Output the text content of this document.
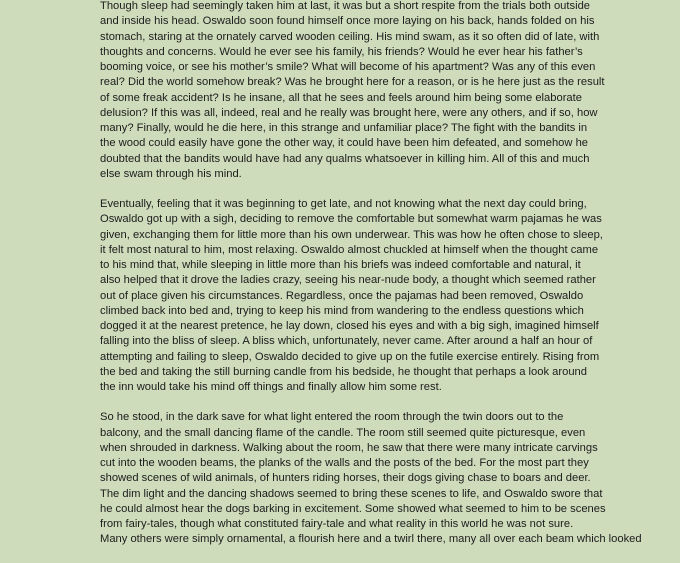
Though sleep had seemingly taken him at last, it was but a short respite from the trials both outside
and inside his head. Oswaldo soon found himself once more laying on his back, hands folded on his
stomach, staring at the ornately carved wooden ceiling. His mind swam, as it so often did of late, with
thoughts and concerns. Would he ever see his family, his friends? Would he ever hear his father’s
booming voice, or see his mother’s smile? What will become of his apartment? Was any of this even
real? Did the world somehow break? Was he brought here for a reason, or is he here just as the result
of some freak accident? Is he insane, all that he sees and feels around him being some elaborate
delusion? If this was all, indeed, real and he really was brought here, were any others, and if so, how
many? Finally, would he die here, in this strange and unfamiliar place? The fight with the bandits in
the wood could easily have gone the other way, it could have been him defeated, and somehow he
doubted that the bandits would have had any qualms whatsoever in killing him. All of this and much
else swam through his mind.
Eventually, feeling that it was beginning to get late, and not knowing what the next day could bring,
Oswaldo got up with a sigh, deciding to remove the comfortable but somewhat warm pajamas he was
given, exchanging them for little more than his own underwear. This was how he often chose to sleep,
it felt most natural to him, most relaxing. Oswaldo almost chuckled at himself when the thought came
to his mind that, while sleeping in little more than his briefs was indeed comfortable and natural, it
also helped that it drove the ladies crazy, seeing his near-nude body, a thought which seemed rather
out of place given his circumstances. Regardless, once the pajamas had been removed, Oswaldo
climbed back into bed and, trying to keep his mind from wandering to the endless questions which
dogged it at the nearest pretence, he lay down, closed his eyes and with a big sigh, imagined himself
falling into the bliss of sleep. A bliss which, unfortunately, never came. After around a half an hour of
attempting and failing to sleep, Oswaldo decided to give up on the futile exercise entirely. Rising from
the bed and taking the still burning candle from his bedside, he thought that perhaps a look around
the inn would take his mind off things and finally allow him some rest.
So he stood, in the dark save for what light entered the room through the twin doors out to the
balcony, and the small dancing flame of the candle. The room still seemed quite picturesque, even
when shrouded in darkness. Walking about the room, he saw that there were many intricate carvings
cut into the wooden beams, the planks of the walls and the posts of the bed. For the most part they
showed scenes of wild animals, of hunters riding horses, their dogs giving chase to boars and deer.
The dim light and the dancing shadows seemed to bring these scenes to life, and Oswaldo swore that
he could almost hear the dogs barking in excitement. Some showed what seemed to him to be scenes
from fairy-tales, though what constituted fairy-tale and what reality in this world he was not sure.
Many others were simply ornamental, a flourish here and a twirl there, many all over each beam which looked
